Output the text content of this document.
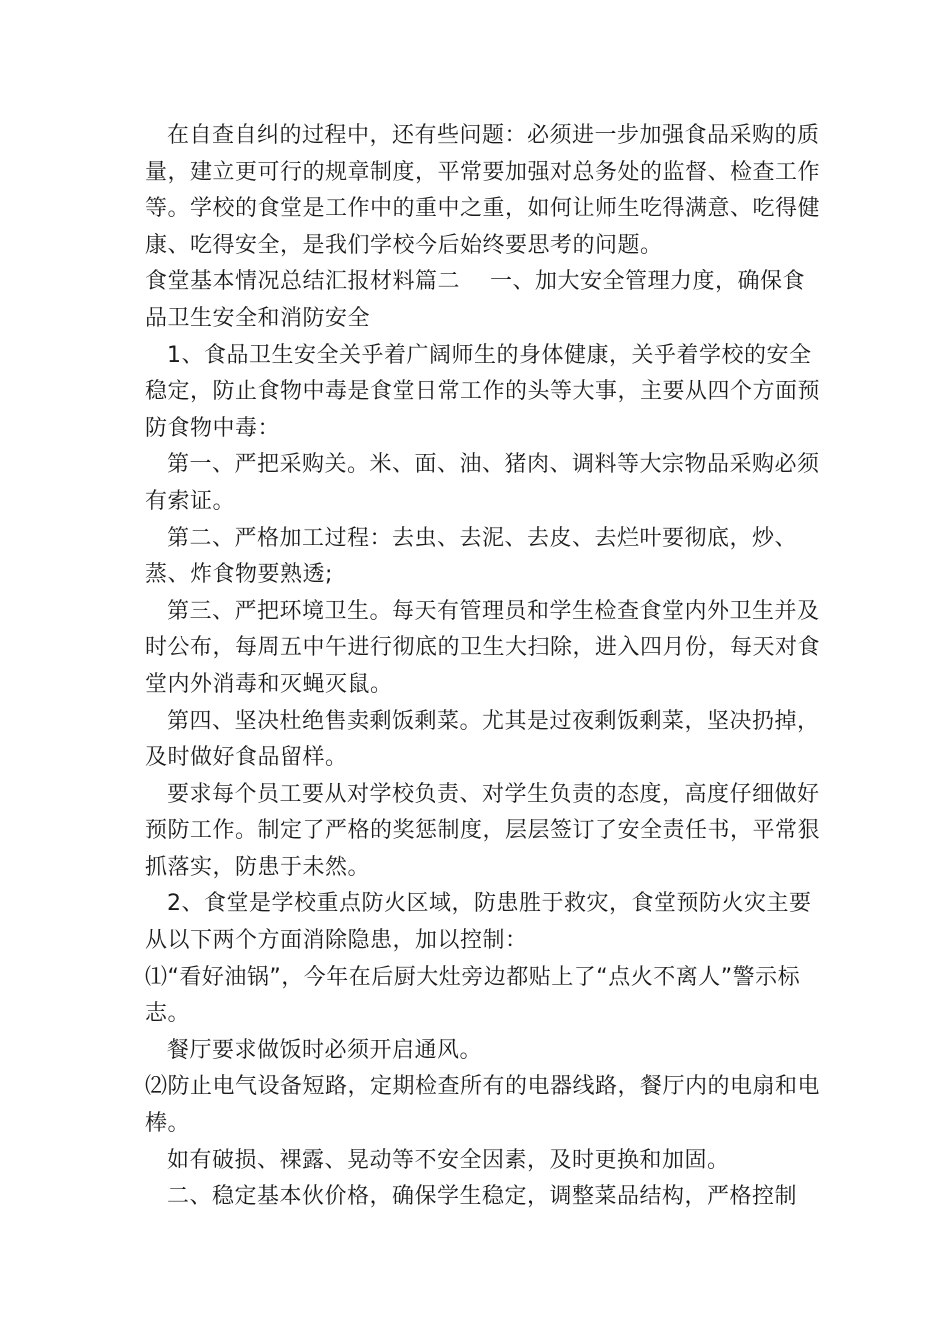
在自查自纠的过程中，还有些问题：必须进一步加强食品采购的质量，建立更可行的规章制度，平常要加强对总务处的监督、检查工作等。学校的食堂是工作中的重中之重，如何让师生吃得满意、吃得健康、吃得安全，是我们学校今后始终要思考的问题。

食堂基本情况总结汇报材料篇二　 一、加大安全管理力度，确保食品卫生安全和消防安全

1、食品卫生安全关乎着广阔师生的身体健康，关乎着学校的安全稳定，防止食物中毒是食堂日常工作的头等大事，主要从四个方面预防食物中毒：

第一、严把采购关。米、面、油、猪肉、调料等大宗物品采购必须有索证。

第二、严格加工过程：去虫、去泥、去皮、去烂叶要彻底，炒、蒸、炸食物要熟透;

第三、严把环境卫生。每天有管理员和学生检查食堂内外卫生并及时公布，每周五中午进行彻底的卫生大扫除，进入四月份，每天对食堂内外消毒和灭蝇灭鼠。

第四、坚决杜绝售卖剩饭剩菜。尤其是过夜剩饭剩菜，坚决扔掉，及时做好食品留样。

要求每个员工要从对学校负责、对学生负责的态度，高度仔细做好预防工作。制定了严格的奖惩制度，层层签订了安全责任书，平常狠抓落实，防患于未然。

2、食堂是学校重点防火区域，防患胜于救灾，食堂预防火灾主要从以下两个方面消除隐患，加以控制：

⑴“看好油锅”，今年在后厨大灶旁边都贴上了“点火不离人”警示标志。

餐厅要求做饭时必须开启通风。

⑵防止电气设备短路，定期检查所有的电器线路，餐厅内的电扇和电棒。

如有破损、裸露、晃动等不安全因素，及时更换和加固。

二、稳定基本伙价格，确保学生稳定，调整菜品结构，严格控制
